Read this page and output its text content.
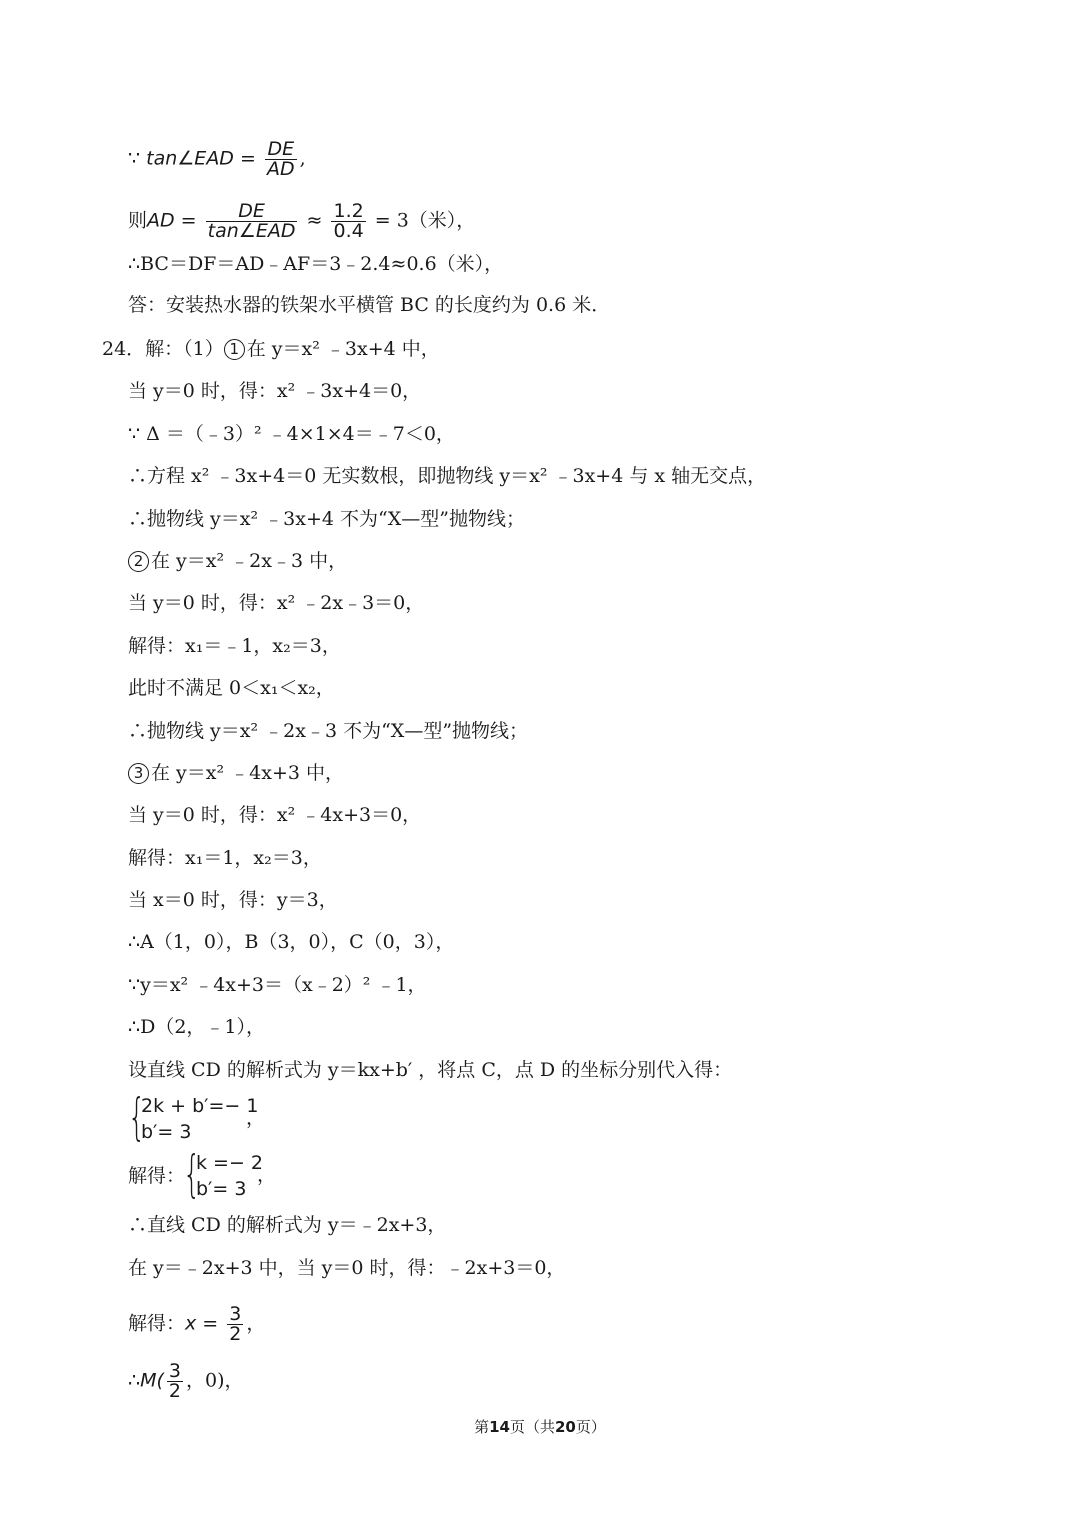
∵ tan∠EAD = $\frac{DE}{AD}$ ,
则AD = $\frac{DE}{\text{tan∠EAD}} \approx \frac{1.2}{0.4} = 3$（米），
∴BC＝DF＝AD﹣AF＝3﹣2.4≈0.6（米），
答：安装热水器的铁架水平横管 BC 的长度约为 0.6 米．
24．解：（1） 1 在 y＝x² ﹣3x+4 中，
当 y＝0 时，得：x² ﹣3x+4＝0，
∵ Δ ＝（﹣3）² ﹣4×1×4＝﹣7＜0，
∴方程 x² ﹣3x+4＝0 无实数根，即抛物线 y＝x² ﹣3x+4 与 x 轴无交点，
∴抛物线 y＝x² ﹣3x+4 不为“X—型”抛物线；
2 在 y＝x² ﹣2x﹣3 中，
当 y＝0 时，得：x² ﹣2x﹣3＝0，
解得：x₁＝﹣1，x₂＝3，
此时不满足 0＜x₁＜x₂，
∴抛物线 y＝x² ﹣2x﹣3 不为“X—型”抛物线；
3 在 y＝x² ﹣4x+3 中，
当 y＝0 时，得：x² ﹣4x+3＝0，
解得：x₁＝1，x₂＝3，
当 x＝0 时，得：y＝3，
∴A（1，0），B（3，0），C（0，3），
∵y＝x² ﹣4x+3＝（x﹣2）² ﹣1，
∴D（2，﹣1），
设直线 CD 的解析式为 y＝kx+b′ ，将点 C，点 D 的坐标分别代入得：
{
2k + b′=− 1
b′= 3
，
解得：
{
k =− 2
b′= 3
，
∴直线 CD 的解析式为 y＝﹣2x+3，
在 y＝﹣2x+3 中，当 y＝0 时，得：﹣2x+3＝0，
解得：$x = \frac{3}{2}$ ，
∴M( $\frac{3}{2}$ ，0)，
第14页（共20页）
